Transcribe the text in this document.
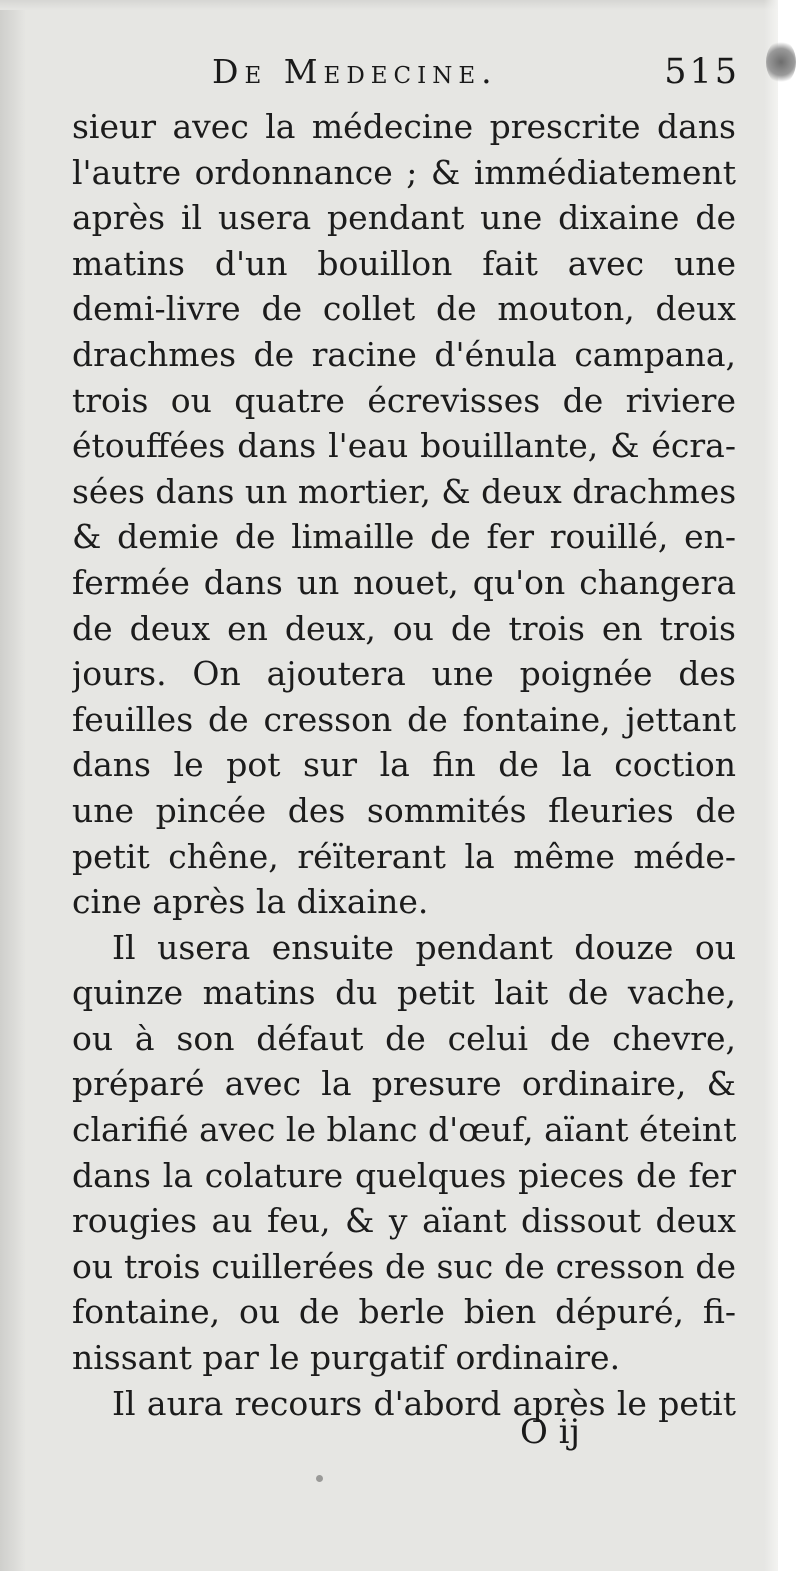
De Medecine.	515
sieur avec la médecine prescrite dans
l'autre ordonnance ; & immédiatement
après il usera pendant une dixaine de
matins d'un bouillon fait avec une
demi-livre de collet de mouton, deux
drachmes de racine d'énula campana,
trois ou quatre écrevisses de riviere
étouffées dans l'eau bouillante, & écra-
sées dans un mortier, & deux drachmes
& demie de limaille de fer rouillé, en-
fermée dans un nouet, qu'on changera
de deux en deux, ou de trois en trois
jours. On ajoutera une poignée des
feuilles de cresson de fontaine, jettant
dans le pot sur la fin de la coction
une pincée des sommités fleuries de
petit chêne, réïterant la même méde-
cine après la dixaine.
Il usera ensuite pendant douze ou
quinze matins du petit lait de vache,
ou à son défaut de celui de chevre,
préparé avec la presure ordinaire, &
clarifié avec le blanc d'œuf, aïant éteint
dans la colature quelques pieces de fer
rougies au feu, & y aïant dissout deux
ou trois cuillerées de suc de cresson de
fontaine, ou de berle bien dépuré, fi-
nissant par le purgatif ordinaire.
Il aura recours d'abord après le petit
O ij
